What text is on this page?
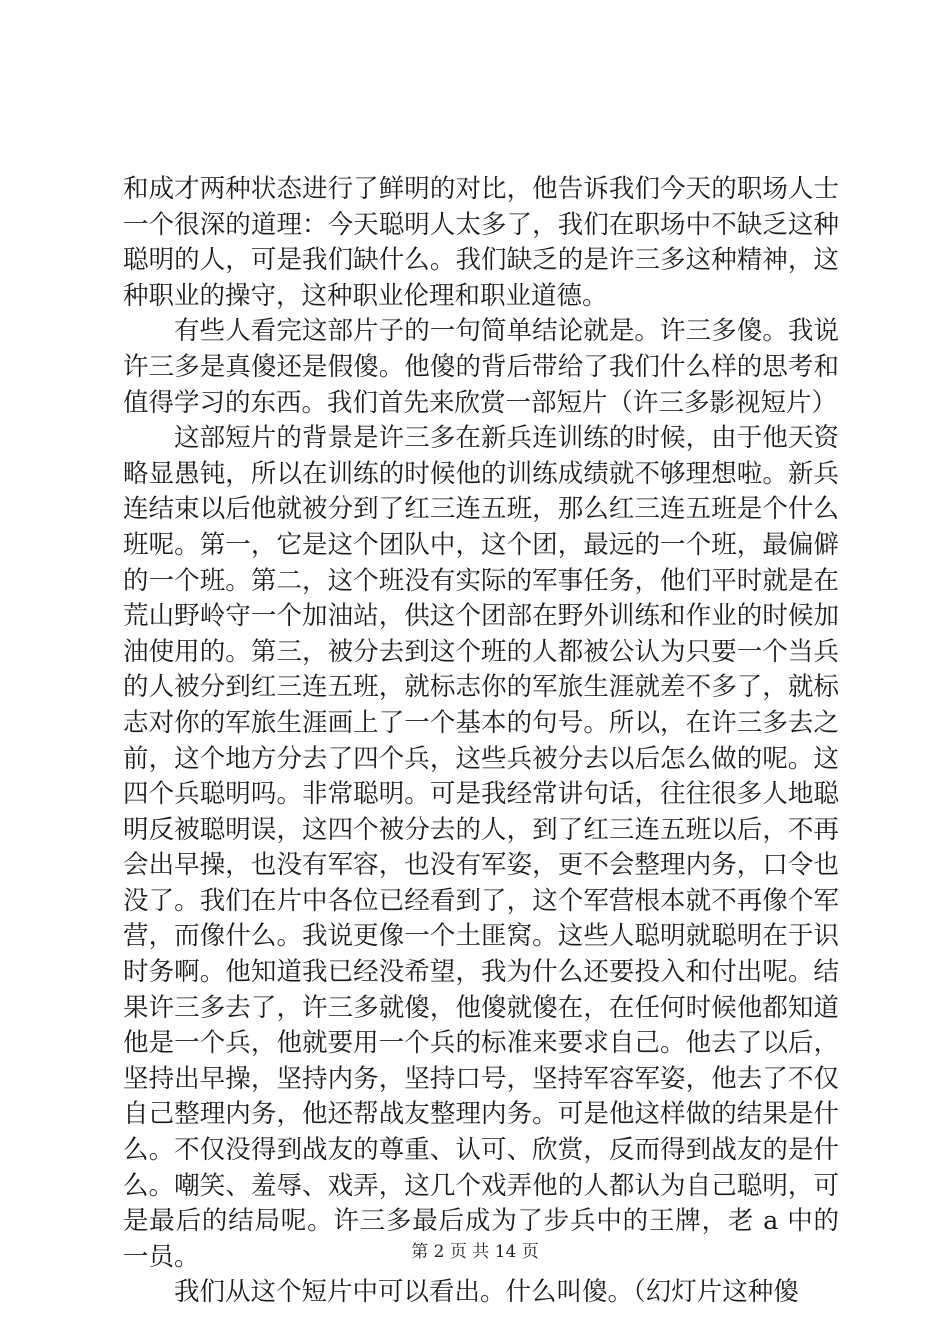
和成才两种状态进行了鲜明的对比，他告诉我们今天的职场人士一个很深的道理：今天聪明人太多了，我们在职场中不缺乏这种聪明的人，可是我们缺什么。我们缺乏的是许三多这种精神，这种职业的操守，这种职业伦理和职业道德。

有些人看完这部片子的一句简单结论就是。许三多傻。我说许三多是真傻还是假傻。他傻的背后带给了我们什么样的思考和值得学习的东西。我们首先来欣赏一部短片（许三多影视短片）

这部短片的背景是许三多在新兵连训练的时候，由于他天资略显愚钝，所以在训练的时候他的训练成绩就不够理想啦。新兵连结束以后他就被分到了红三连五班，那么红三连五班是个什么班呢。第一，它是这个团队中，这个团，最远的一个班，最偏僻的一个班。第二，这个班没有实际的军事任务，他们平时就是在荒山野岭守一个加油站，供这个团部在野外训练和作业的时候加油使用的。第三，被分去到这个班的人都被公认为只要一个当兵的人被分到红三连五班，就标志你的军旅生涯就差不多了，就标志对你的军旅生涯画上了一个基本的句号。所以，在许三多去之前，这个地方分去了四个兵，这些兵被分去以后怎么做的呢。这四个兵聪明吗。非常聪明。可是我经常讲句话，往往很多人地聪明反被聪明误，这四个被分去的人，到了红三连五班以后，不再会出早操，也没有军容，也没有军姿，更不会整理内务，口令也没了。我们在片中各位已经看到了，这个军营根本就不再像个军营，而像什么。我说更像一个土匪窝。这些人聪明就聪明在于识时务啊。他知道我已经没希望，我为什么还要投入和付出呢。结果许三多去了，许三多就傻，他傻就傻在，在任何时候他都知道他是一个兵，他就要用一个兵的标准来要求自己。他去了以后，坚持出早操，坚持内务，坚持口号，坚持军容军姿，他去了不仅自己整理内务，他还帮战友整理内务。可是他这样做的结果是什么。不仅没得到战友的尊重、认可、欣赏，反而得到战友的是什么。嘲笑、羞辱、戏弄，这几个戏弄他的人都认为自己聪明，可是最后的结局呢。许三多最后成为了步兵中的王牌，老 a 中的一员。

我们从这个短片中可以看出。什么叫傻。（幻灯片这种傻

第 2 页 共 14 页
